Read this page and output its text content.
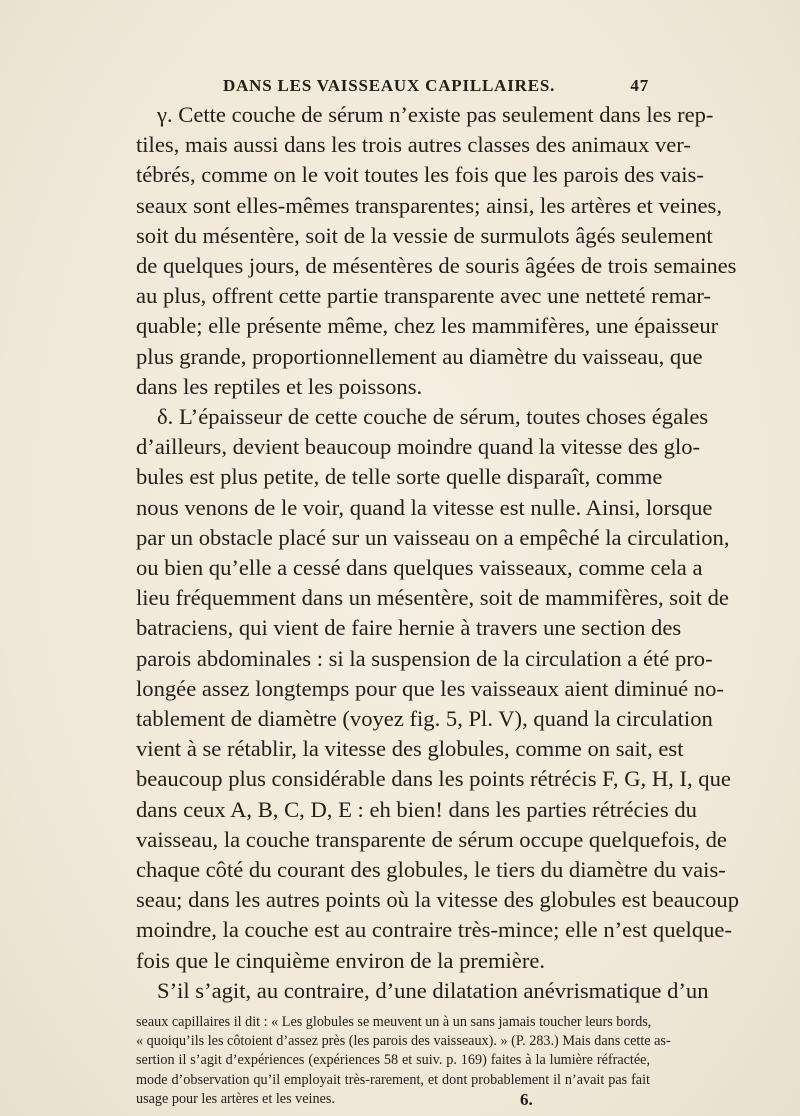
DANS LES VAISSEAUX CAPILLAIRES.	47
γ. Cette couche de sérum n’existe pas seulement dans les rep-
tiles, mais aussi dans les trois autres classes des animaux ver-
tébrés, comme on le voit toutes les fois que les parois des vais-
seaux sont elles-mêmes transparentes; ainsi, les artères et veines,
soit du mésentère, soit de la vessie de surmulots âgés seulement
de quelques jours, de mésentères de souris âgées de trois semaines
au plus, offrent cette partie transparente avec une netteté remar-
quable; elle présente même, chez les mammifères, une épaisseur
plus grande, proportionnellement au diamètre du vaisseau, que
dans les reptiles et les poissons.
δ. L’épaisseur de cette couche de sérum, toutes choses égales
d’ailleurs, devient beaucoup moindre quand la vitesse des glo-
bules est plus petite, de telle sorte quelle disparaît, comme
nous venons de le voir, quand la vitesse est nulle. Ainsi, lorsque
par un obstacle placé sur un vaisseau on a empêché la circulation,
ou bien qu’elle a cessé dans quelques vaisseaux, comme cela a
lieu fréquemment dans un mésentère, soit de mammifères, soit de
batraciens, qui vient de faire hernie à travers une section des
parois abdominales : si la suspension de la circulation a été pro-
longée assez longtemps pour que les vaisseaux aient diminué no-
tablement de diamètre (voyez fig. 5, Pl. V), quand la circulation
vient à se rétablir, la vitesse des globules, comme on sait, est
beaucoup plus considérable dans les points rétrécis F, G, H, I, que
dans ceux A, B, C, D, E : eh bien! dans les parties rétrécies du
vaisseau, la couche transparente de sérum occupe quelquefois, de
chaque côté du courant des globules, le tiers du diamètre du vais-
seau; dans les autres points où la vitesse des globules est beaucoup
moindre, la couche est au contraire très-mince; elle n’est quelque-
fois que le cinquième environ de la première.
S’il s’agit, au contraire, d’une dilatation anévrismatique d’un
seaux capillaires il dit : « Les globules se meuvent un à un sans jamais toucher leurs bords,
« quoiqu’ils les côtoient d’assez près (les parois des vaisseaux). » (P. 283.) Mais dans cette as-
sertion il s’agit d’expériences (expériences 58 et suiv. p. 169) faites à la lumière réfractée,
mode d’observation qu’il employait très-rarement, et dont probablement il n’avait pas fait
usage pour les artères et les veines.	6.
